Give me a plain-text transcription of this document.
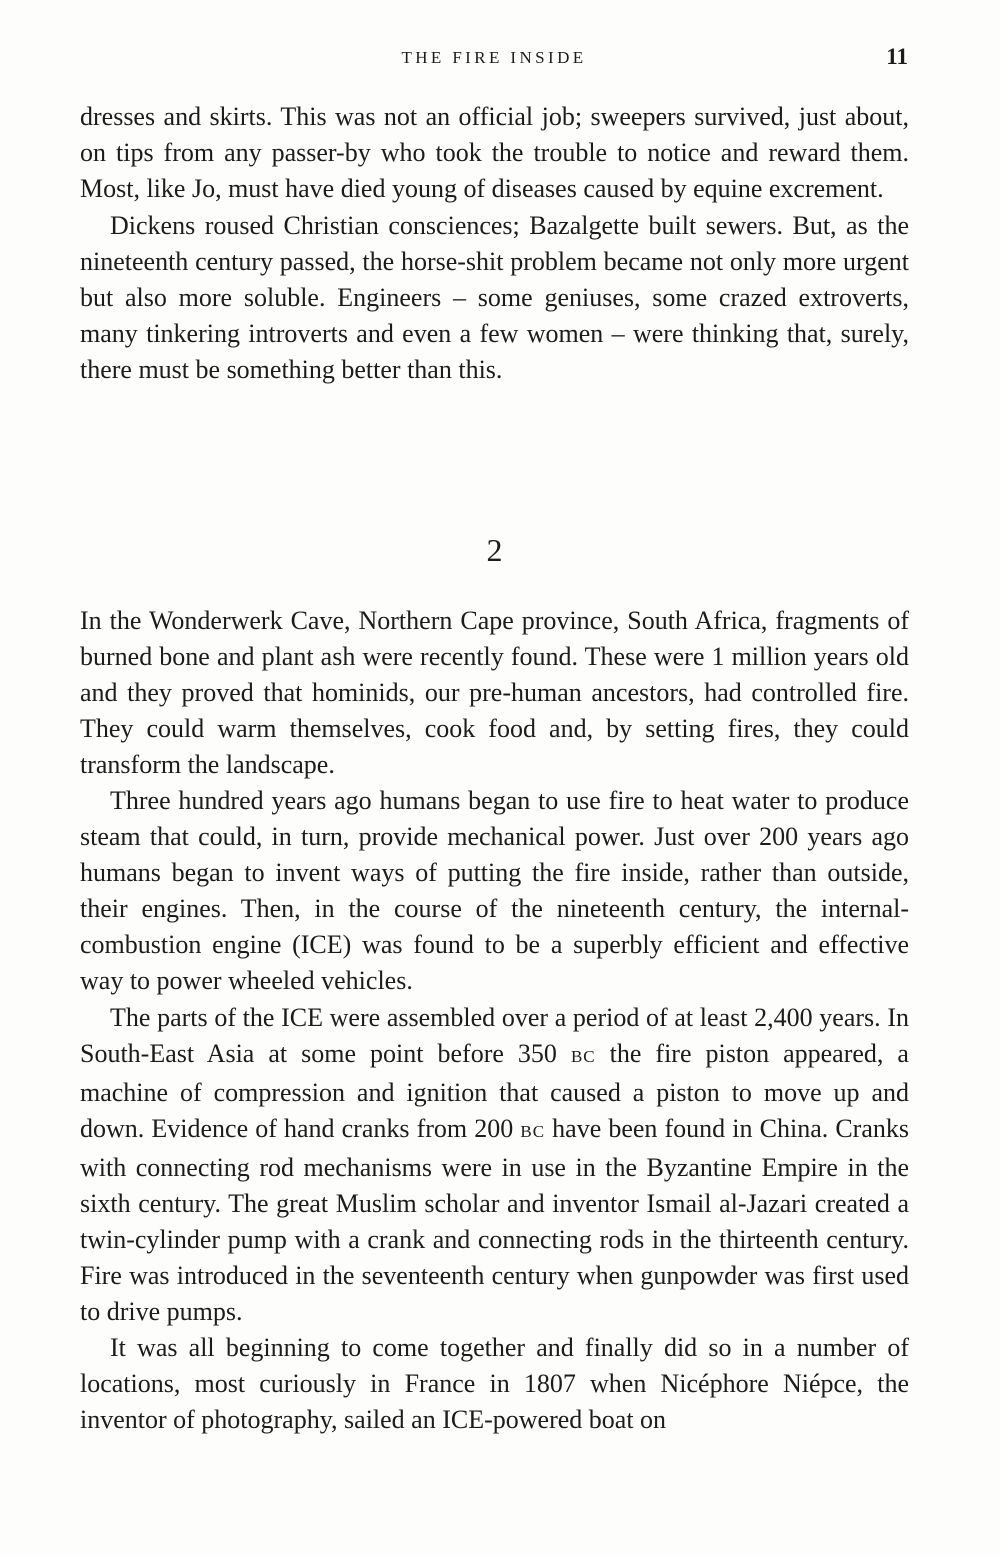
THE FIRE INSIDE	11

dresses and skirts. This was not an official job; sweepers survived, just about, on tips from any passer-by who took the trouble to notice and reward them. Most, like Jo, must have died young of diseases caused by equine excrement.

Dickens roused Christian consciences; Bazalgette built sewers. But, as the nineteenth century passed, the horse-shit problem became not only more urgent but also more soluble. Engineers – some geniuses, some crazed extroverts, many tinkering introverts and even a few women – were thinking that, surely, there must be something better than this.

2

In the Wonderwerk Cave, Northern Cape province, South Africa, fragments of burned bone and plant ash were recently found. These were 1 million years old and they proved that hominids, our pre-human ancestors, had controlled fire. They could warm themselves, cook food and, by setting fires, they could transform the landscape.

Three hundred years ago humans began to use fire to heat water to produce steam that could, in turn, provide mechanical power. Just over 200 years ago humans began to invent ways of putting the fire inside, rather than outside, their engines. Then, in the course of the nineteenth century, the internal-combustion engine (ICE) was found to be a superbly efficient and effective way to power wheeled vehicles.

The parts of the ICE were assembled over a period of at least 2,400 years. In South-East Asia at some point before 350 BC the fire piston appeared, a machine of compression and ignition that caused a piston to move up and down. Evidence of hand cranks from 200 BC have been found in China. Cranks with connecting rod mechanisms were in use in the Byzantine Empire in the sixth century. The great Muslim scholar and inventor Ismail al-Jazari created a twin-cylinder pump with a crank and connecting rods in the thirteenth century. Fire was introduced in the seventeenth century when gunpowder was first used to drive pumps.

It was all beginning to come together and finally did so in a number of locations, most curiously in France in 1807 when Nicéphore Niépce, the inventor of photography, sailed an ICE-powered boat on
